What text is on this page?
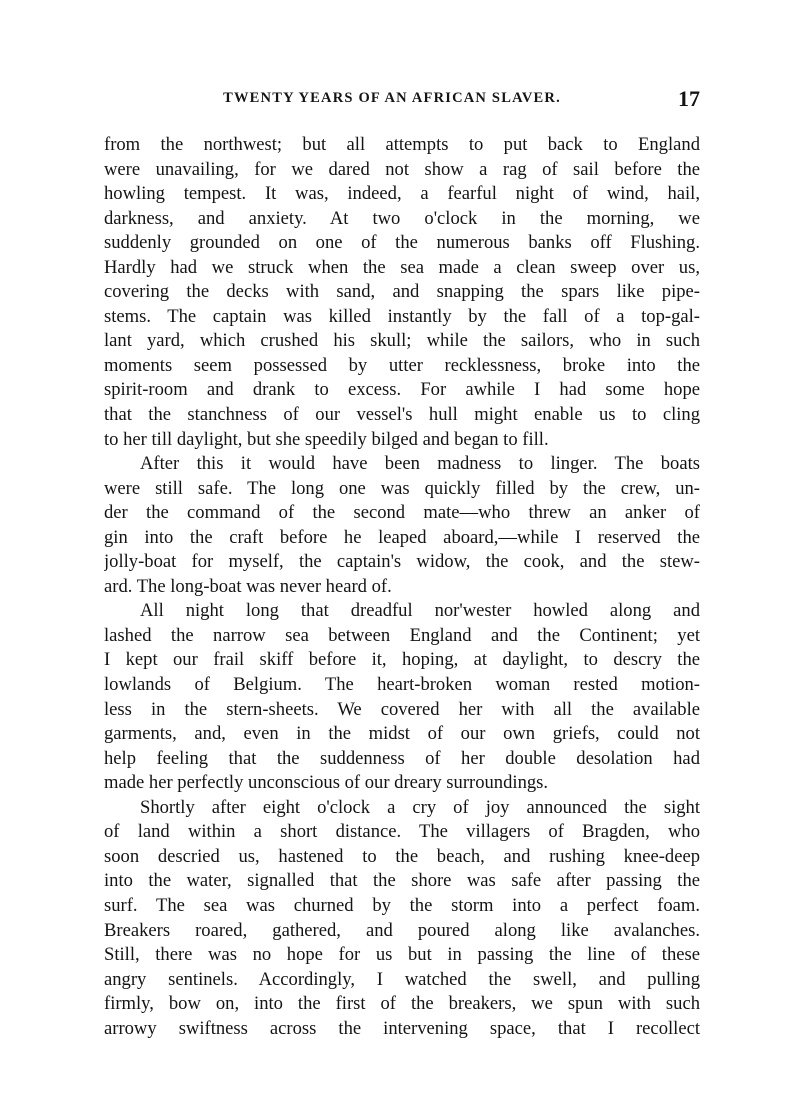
TWENTY YEARS OF AN AFRICAN SLAVER.	17
from the northwest; but all attempts to put back to England
were unavailing, for we dared not show a rag of sail before the
howling tempest. It was, indeed, a fearful night of wind, hail,
darkness, and anxiety. At two o'clock in the morning, we
suddenly grounded on one of the numerous banks off Flushing.
Hardly had we struck when the sea made a clean sweep over us,
covering the decks with sand, and snapping the spars like pipe-
stems. The captain was killed instantly by the fall of a top-gal-
lant yard, which crushed his skull; while the sailors, who in such
moments seem possessed by utter recklessness, broke into the
spirit-room and drank to excess. For awhile I had some hope
that the stanchness of our vessel's hull might enable us to cling
to her till daylight, but she speedily bilged and began to fill.
After this it would have been madness to linger. The boats
were still safe. The long one was quickly filled by the crew, un-
der the command of the second mate—who threw an anker of
gin into the craft before he leaped aboard,—while I reserved the
jolly-boat for myself, the captain's widow, the cook, and the stew-
ard. The long-boat was never heard of.
All night long that dreadful nor'wester howled along and
lashed the narrow sea between England and the Continent; yet
I kept our frail skiff before it, hoping, at daylight, to descry the
lowlands of Belgium. The heart-broken woman rested motion-
less in the stern-sheets. We covered her with all the available
garments, and, even in the midst of our own griefs, could not
help feeling that the suddenness of her double desolation had
made her perfectly unconscious of our dreary surroundings.
Shortly after eight o'clock a cry of joy announced the sight
of land within a short distance. The villagers of Bragden, who
soon descried us, hastened to the beach, and rushing knee-deep
into the water, signalled that the shore was safe after passing the
surf. The sea was churned by the storm into a perfect foam.
Breakers roared, gathered, and poured along like avalanches.
Still, there was no hope for us but in passing the line of these
angry sentinels. Accordingly, I watched the swell, and pulling
firmly, bow on, into the first of the breakers, we spun with such
arrowy swiftness across the intervening space, that I recollect
